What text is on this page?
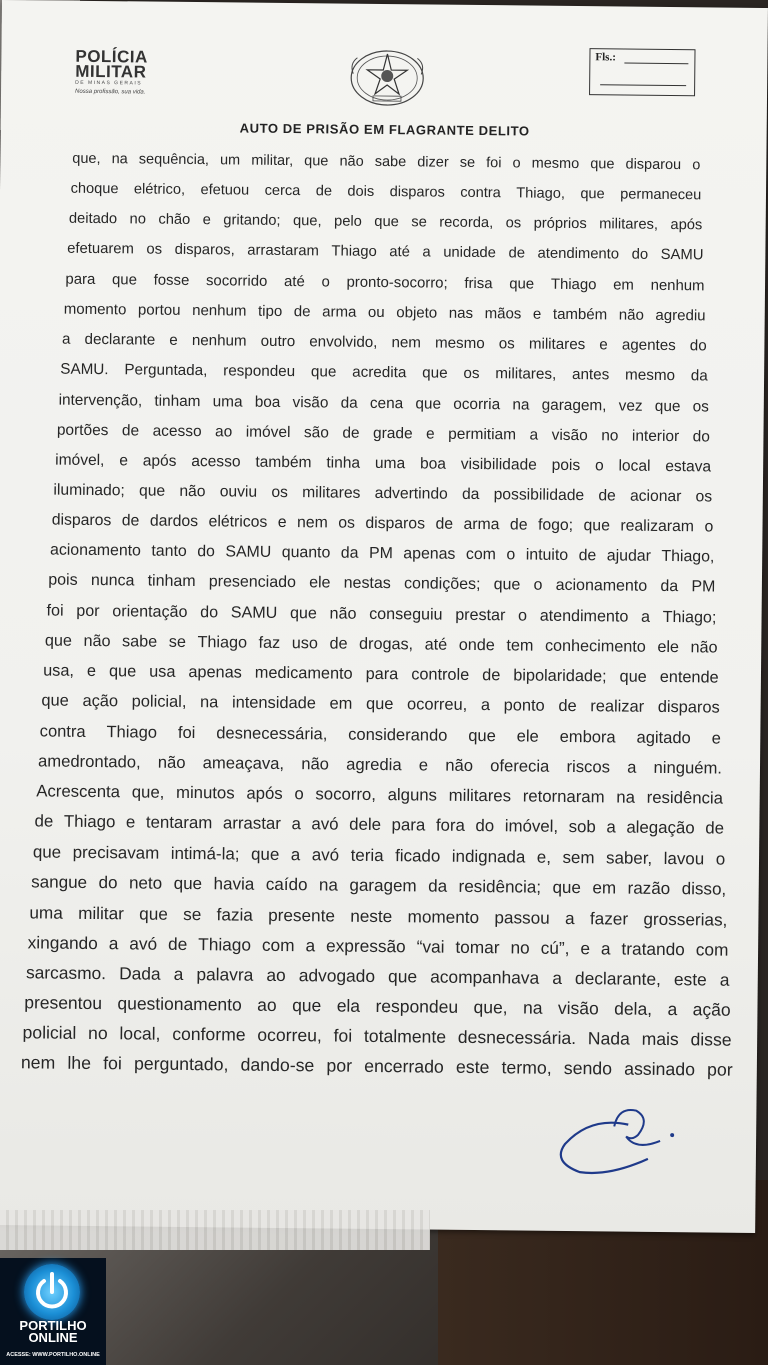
POLÍCIA
MILITAR
DE MINAS GERAIS
Nossa profissão, sua vida.
Fls.:
AUTO DE PRISÃO EM FLAGRANTE DELITO
que, na sequência, um militar, que não sabe dizer se foi o mesmo que disparou o
choque elétrico, efetuou cerca de dois disparos contra Thiago, que permaneceu
deitado no chão e gritando; que, pelo que se recorda, os próprios militares, após
efetuarem os disparos, arrastaram Thiago até a unidade de atendimento do SAMU
para que fosse socorrido até o pronto-socorro; frisa que Thiago em nenhum
momento portou nenhum tipo de arma ou objeto nas mãos e também não agrediu
a declarante e nenhum outro envolvido, nem mesmo os militares e agentes do
SAMU. Perguntada, respondeu que acredita que os militares, antes mesmo da
intervenção, tinham uma boa visão da cena que ocorria na garagem, vez que os
portões de acesso ao imóvel são de grade e permitiam a visão no interior do
imóvel, e após acesso também tinha uma boa visibilidade pois o local estava
iluminado; que não ouviu os militares advertindo da possibilidade de acionar os
disparos de dardos elétricos e nem os disparos de arma de fogo; que realizaram o
acionamento tanto do SAMU quanto da PM apenas com o intuito de ajudar Thiago,
pois nunca tinham presenciado ele nestas condições; que o acionamento da PM
foi por orientação do SAMU que não conseguiu prestar o atendimento a Thiago;
que não sabe se Thiago faz uso de drogas, até onde tem conhecimento ele não
usa, e que usa apenas medicamento para controle de bipolaridade; que entende
que ação policial, na intensidade em que ocorreu, a ponto de realizar disparos
contra Thiago foi desnecessária, considerando que ele embora agitado e
amedrontado, não ameaçava, não agredia e não oferecia riscos a ninguém.
Acrescenta que, minutos após o socorro, alguns militares retornaram na residência
de Thiago e tentaram arrastar a avó dele para fora do imóvel, sob a alegação de
que precisavam intimá-la; que a avó teria ficado indignada e, sem saber, lavou o
sangue do neto que havia caído na garagem da residência; que em razão disso,
uma militar que se fazia presente neste momento passou a fazer grosserias,
xingando a avó de Thiago com a expressão “vai tomar no cú”, e a tratando com
sarcasmo. Dada a palavra ao advogado que acompanhava a declarante, este a
presentou questionamento ao que ela respondeu que, na visão dela, a ação
policial no local, conforme ocorreu, foi totalmente desnecessária. Nada mais disse
nem lhe foi perguntado, dando-se por encerrado este termo, sendo assinado por
PORTILHO
ONLINE
ACESSE: WWW.PORTILHO.ONLINE
